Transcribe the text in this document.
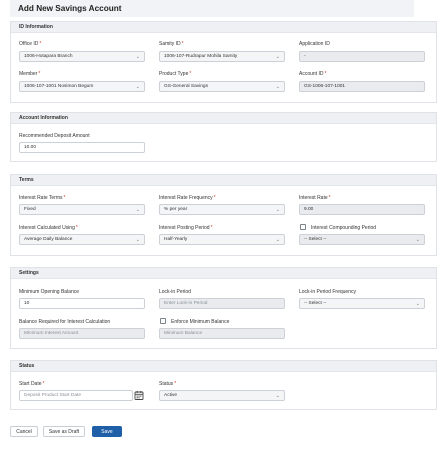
Add New Savings Account
ID Information
Office ID*
1006-Hotapara Branch	⌄
Samity ID*
1006-107-Rudrapur Mohila Samity	⌄
Application ID
-
Member*
1006-107-1001 Nosimon Begum	⌄
Product Type*
GS-General Savings	⌄
Account ID*
GS-1006-107-1001
Account Information
Recommended Deposit Amount
10.00
Terms
Interest Rate Terms*
Fixed	⌄
Interest Rate Frequency*
% per year	⌄
Interest Rate*
9.00
Interest Calculated Using*
Average Daily Balance	⌄
Interest Posting Period*
Half-Yearly	⌄
Interest Compounding Period
-- Select --	⌄
Settings
Minimum Opening Balance
10
Lock-in Period
Enter Lock-in Period
Lock-in Period Frequency
-- Select --	⌄
Balance Required for Interest Calculation
Minimum Interest Amount
Enforce Minimum Balance
Minimum Balance
Status
Start Date*
Deposit Product Start Date
Status*
Active	⌄
Cancel	Save as Draft	Save
